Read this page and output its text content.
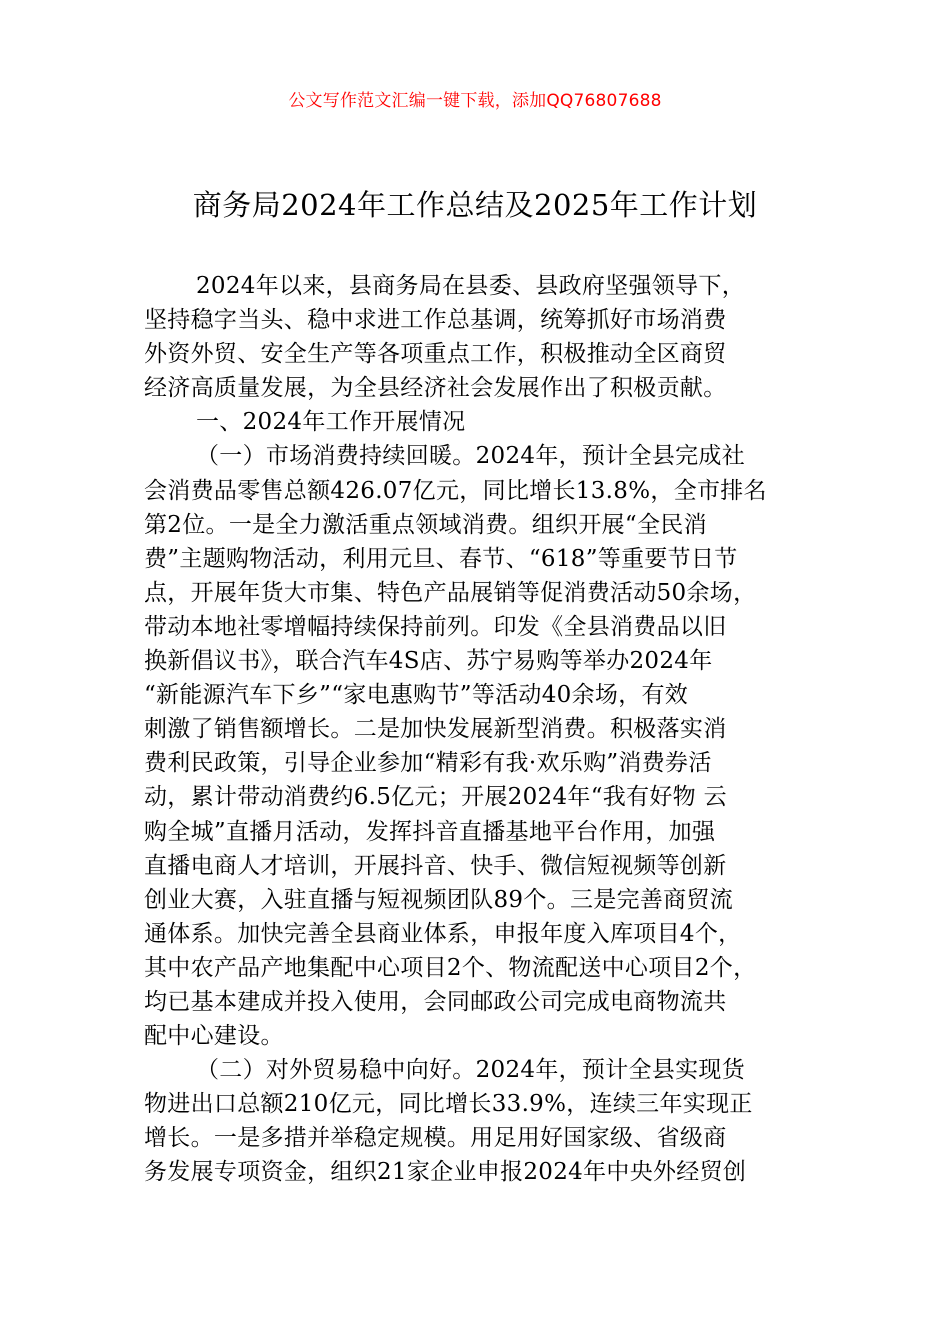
公文写作范文汇编一键下载，添加QQ76807688
商务局2024年工作总结及2025年工作计划
2024年以来，县商务局在县委、县政府坚强领导下，
坚持稳字当头、稳中求进工作总基调，统筹抓好市场消费
外资外贸、安全生产等各项重点工作，积极推动全区商贸
经济高质量发展，为全县经济社会发展作出了积极贡献。
一、2024年工作开展情况
（一）市场消费持续回暖。2024年，预计全县完成社
会消费品零售总额426.07亿元，同比增长13.8%，全市排名
第2位。一是全力激活重点领域消费。组织开展“全民消
费”主题购物活动，利用元旦、春节、“618”等重要节日节
点，开展年货大市集、特色产品展销等促消费活动50余场，
带动本地社零增幅持续保持前列。印发《全县消费品以旧
换新倡议书》，联合汽车4S店、苏宁易购等举办2024年
“新能源汽车下乡”“家电惠购节”等活动40余场，有效
刺激了销售额增长。二是加快发展新型消费。积极落实消
费利民政策，引导企业参加“精彩有我·欢乐购”消费券活
动，累计带动消费约6.5亿元；开展2024年“我有好物 云
购全城”直播月活动，发挥抖音直播基地平台作用，加强
直播电商人才培训，开展抖音、快手、微信短视频等创新
创业大赛，入驻直播与短视频团队89个。三是完善商贸流
通体系。加快完善全县商业体系，申报年度入库项目4个，
其中农产品产地集配中心项目2个、物流配送中心项目2个，
均已基本建成并投入使用，会同邮政公司完成电商物流共
配中心建设。
（二）对外贸易稳中向好。2024年，预计全县实现货
物进出口总额210亿元，同比增长33.9%，连续三年实现正
增长。一是多措并举稳定规模。用足用好国家级、省级商
务发展专项资金，组织21家企业申报2024年中央外经贸创
